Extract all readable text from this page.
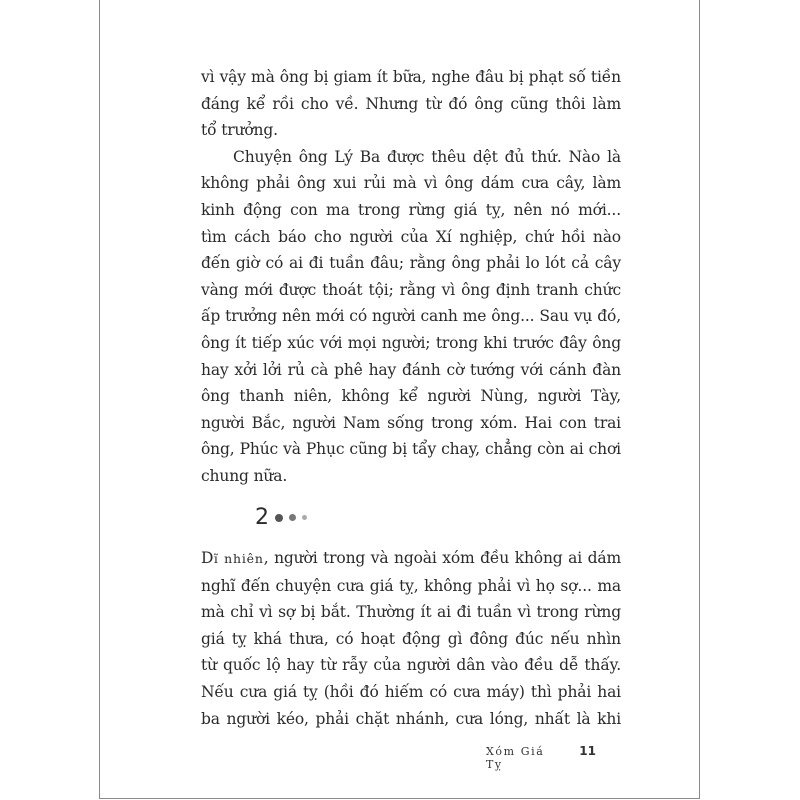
vì vậy mà ông bị giam ít bữa, nghe đâu bị phạt số tiền
đáng kể rồi cho về. Nhưng từ đó ông cũng thôi làm
tổ trưởng.
Chuyện ông Lý Ba được thêu dệt đủ thứ. Nào là
không phải ông xui rủi mà vì ông dám cưa cây, làm
kinh động con ma trong rừng giá tỵ, nên nó mới...
tìm cách báo cho người của Xí nghiệp, chứ hồi nào
đến giờ có ai đi tuần đâu; rằng ông phải lo lót cả cây
vàng mới được thoát tội; rằng vì ông định tranh chức
ấp trưởng nên mới có người canh me ông... Sau vụ đó,
ông ít tiếp xúc với mọi người; trong khi trước đây ông
hay xởi lởi rủ cà phê hay đánh cờ tướng với cánh đàn
ông thanh niên, không kể người Nùng, người Tày,
người Bắc, người Nam sống trong xóm. Hai con trai
ông, Phúc và Phục cũng bị tẩy chay, chẳng còn ai chơi
chung nữa.
2
Dĩ nhiên, người trong và ngoài xóm đều không ai dám
nghĩ đến chuyện cưa giá tỵ, không phải vì họ sợ... ma
mà chỉ vì sợ bị bắt. Thường ít ai đi tuần vì trong rừng
giá tỵ khá thưa, có hoạt động gì đông đúc nếu nhìn
từ quốc lộ hay từ rẫy của người dân vào đều dễ thấy.
Nếu cưa giá tỵ (hồi đó hiếm có cưa máy) thì phải hai
ba người kéo, phải chặt nhánh, cưa lóng, nhất là khi
Xóm Giá Tỵ
11
